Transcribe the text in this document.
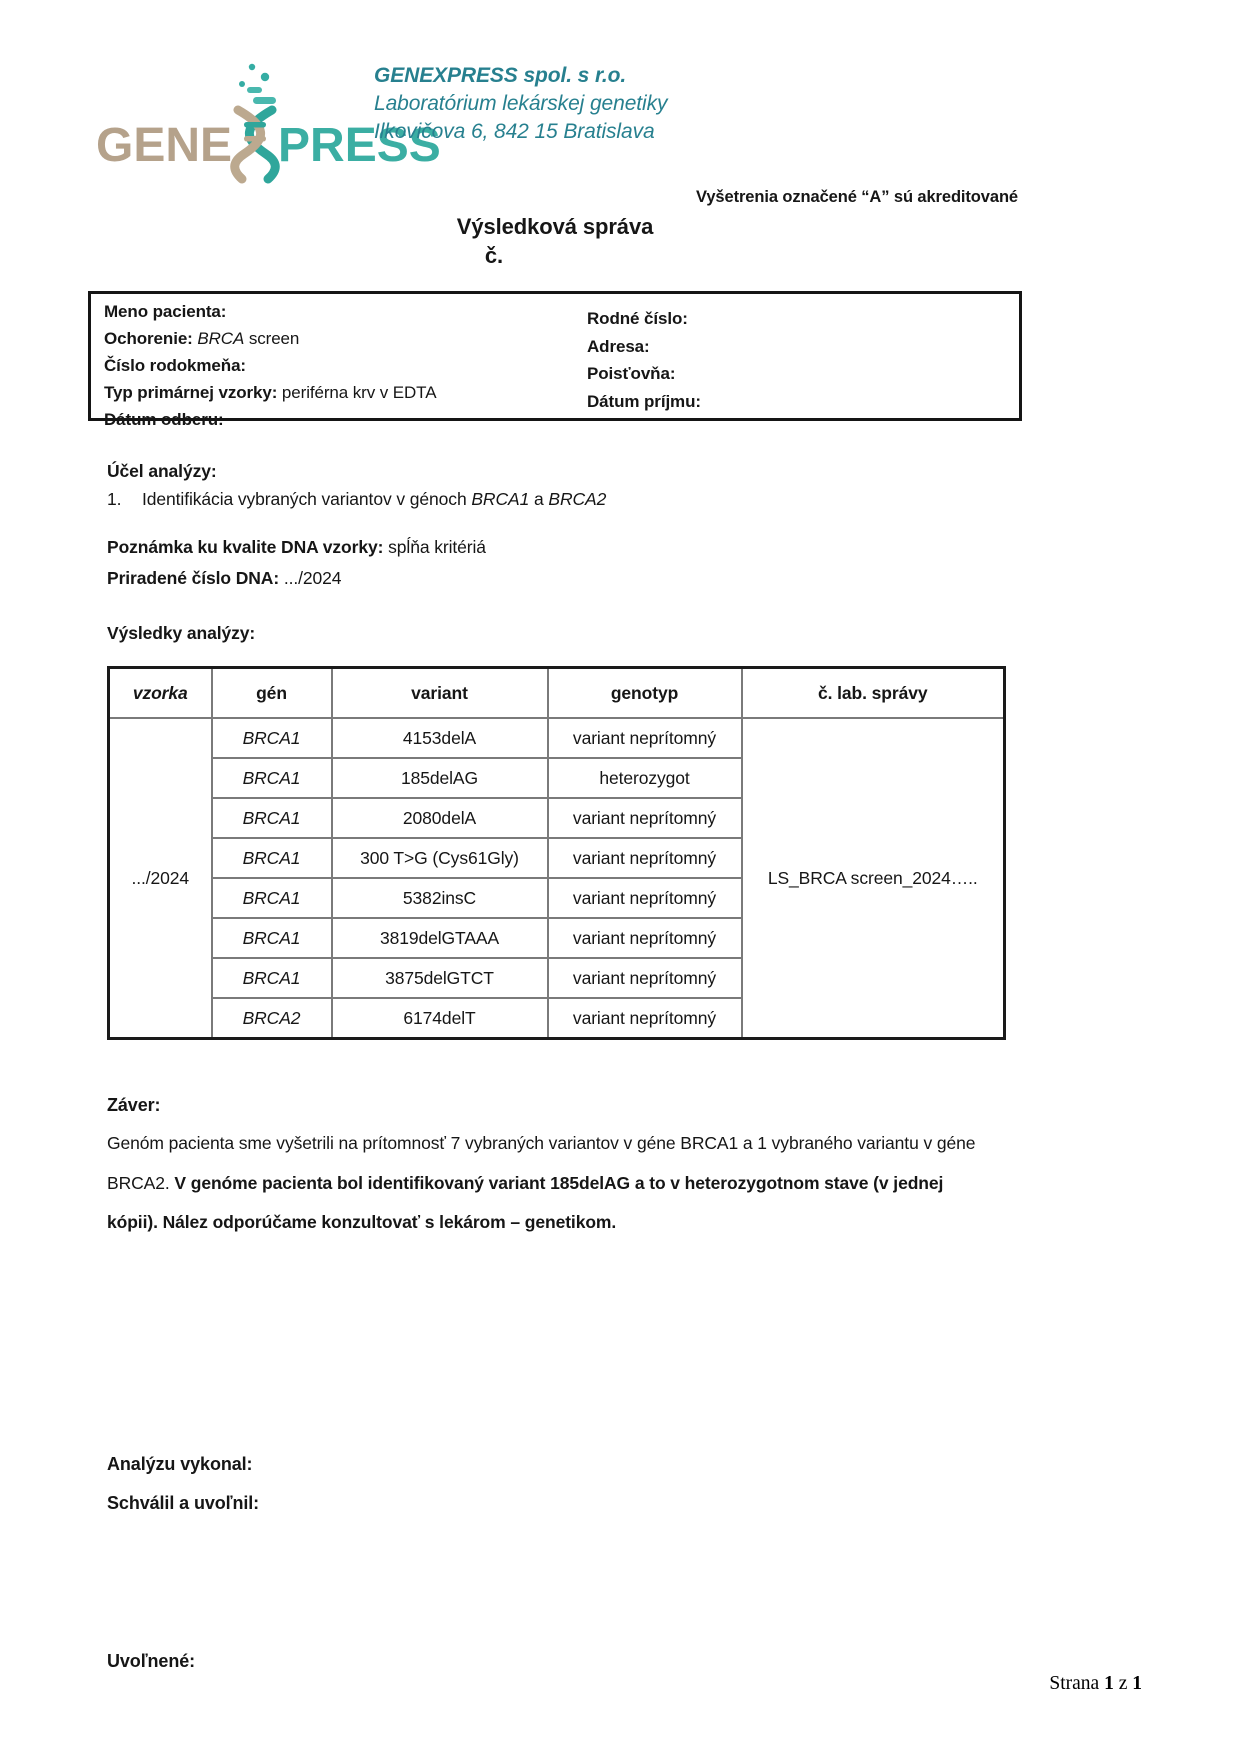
GENE PRESS
GENEXPRESS spol. s r.o.
Laboratórium lekárskej genetiky
Ilkovičova 6, 842 15 Bratislava
Vyšetrenia označené “A” sú akreditované
Výsledková správa
č.
Meno pacienta:
Ochorenie: BRCA screen
Číslo rodokmeňa:
Typ primárnej vzorky: periférna krv v EDTA
Dátum odberu:
Rodné číslo:
Adresa:
Poisťovňa:
Dátum príjmu:
Účel analýzy:
1. Identifikácia vybraných variantov v génoch BRCA1 a BRCA2
Poznámka ku kvalite DNA vzorky: spĺňa kritériá
Priradené číslo DNA: .../2024
Výsledky analýzy:
vzorka	gén	variant	genotyp	č. lab. správy
.../2024	BRCA1	4153delA	variant neprítomný	LS_BRCA screen_2024…..
	BRCA1	185delAG	heterozygot	
	BRCA1	2080delA	variant neprítomný	
	BRCA1	300 T>G (Cys61Gly)	variant neprítomný	
	BRCA1	5382insC	variant neprítomný	
	BRCA1	3819delGTAAA	variant neprítomný	
	BRCA1	3875delGTCT	variant neprítomný	
	BRCA2	6174delT	variant neprítomný	
Záver:
Genóm pacienta sme vyšetrili na prítomnosť 7 vybraných variantov v géne BRCA1 a 1 vybraného variantu v géne BRCA2. V genóme pacienta bol identifikovaný variant 185delAG a to v heterozygotnom stave (v jednej kópii). Nález odporúčame konzultovať s lekárom – genetikom.
Analýzu vykonal:
Schválil a uvoľnil:
Uvoľnené:
Strana 1 z 1
